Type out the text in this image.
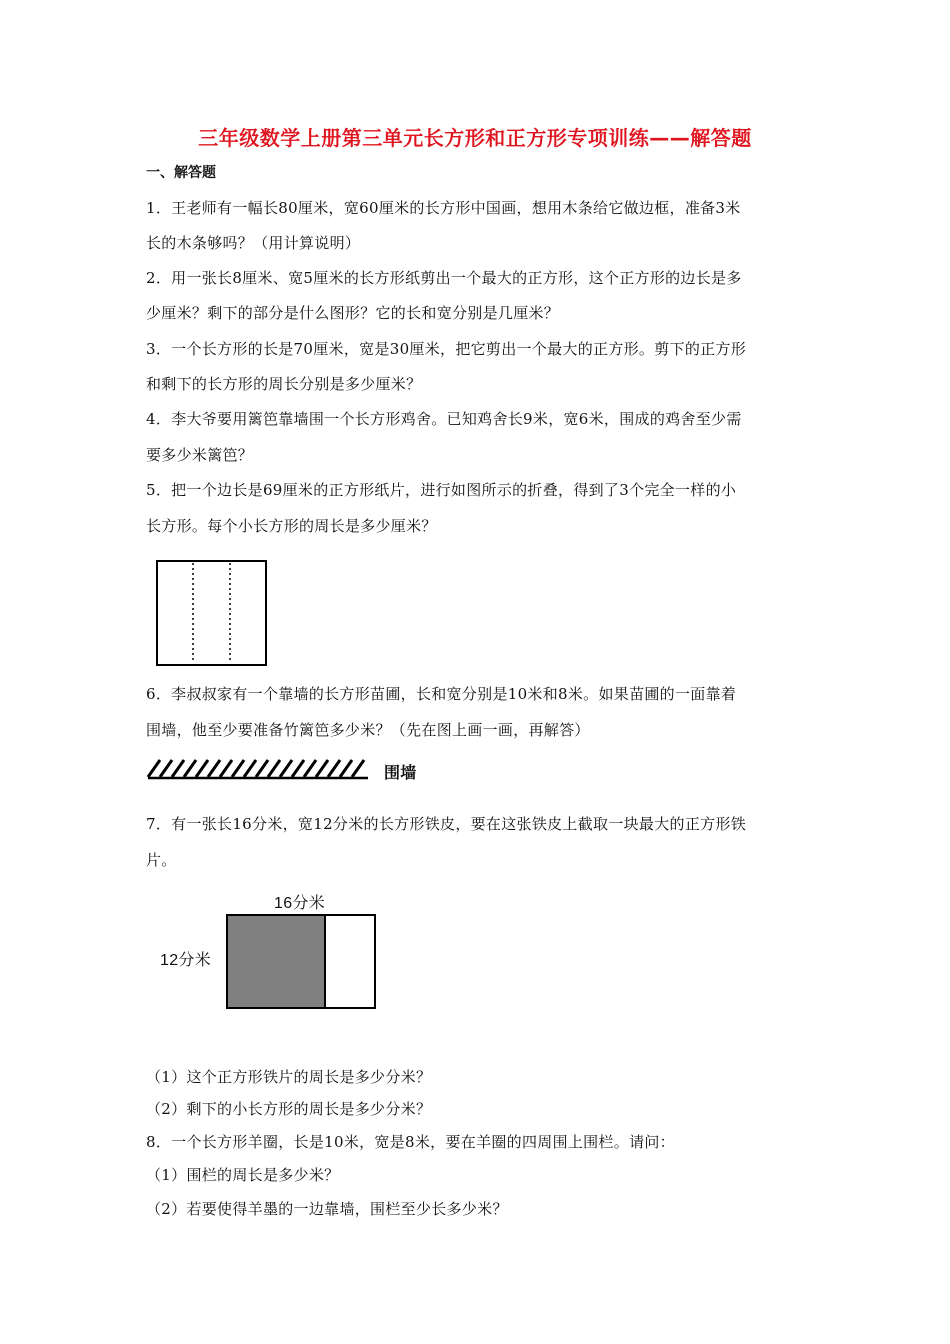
三年级数学上册第三单元长方形和正方形专项训练——解答题
一、解答题
1．王老师有一幅长80厘米，宽60厘米的长方形中国画，想用木条给它做边框，准备3米
长的木条够吗？（用计算说明）
2．用一张长8厘米、宽5厘米的长方形纸剪出一个最大的正方形，这个正方形的边长是多
少厘米？剩下的部分是什么图形？它的长和宽分别是几厘米？
3．一个长方形的长是70厘米，宽是30厘米，把它剪出一个最大的正方形。剪下的正方形
和剩下的长方形的周长分别是多少厘米？
4．李大爷要用篱笆靠墙围一个长方形鸡舍。已知鸡舍长9米，宽6米，围成的鸡舍至少需
要多少米篱笆？
5．把一个边长是69厘米的正方形纸片，进行如图所示的折叠，得到了3个完全一样的小
长方形。每个小长方形的周长是多少厘米？
6．李叔叔家有一个靠墙的长方形苗圃，长和宽分别是10米和8米。如果苗圃的一面靠着
围墙，他至少要准备竹篱笆多少米？（先在图上画一画，再解答）
围墙
7．有一张长16分米，宽12分米的长方形铁皮，要在这张铁皮上截取一块最大的正方形铁
片。
16分米
12分米
（1）这个正方形铁片的周长是多少分米？
（2）剩下的小长方形的周长是多少分米？
8．一个长方形羊圈，长是10米，宽是8米，要在羊圈的四周围上围栏。请问：
（1）围栏的周长是多少米？
（2）若要使得羊墨的一边靠墙，围栏至少长多少米？
